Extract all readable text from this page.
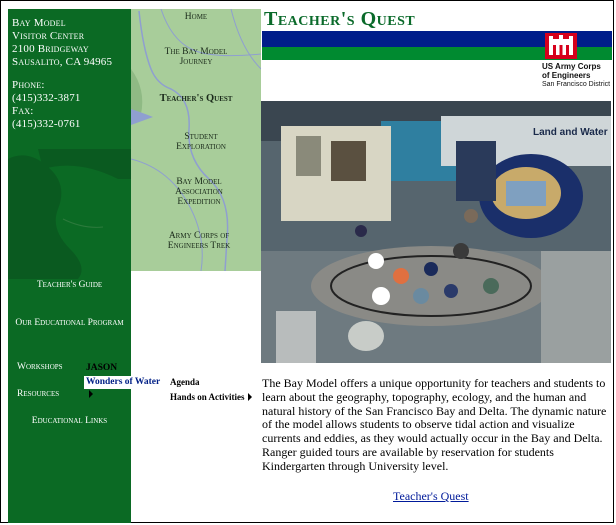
Bay Model
Visitor Center
2100 Bridgeway
Sausalito, CA 94965
Phone:
(415)332-3871
Fax:
(415)332-0761
Teacher's Guide
Our Educational Program
Workshops
Resources
Educational Links
Home
The Bay Model Journey
Teacher's Quest
Student Exploration
Bay Model Association Expedition
Army Corps of Engineers Trek
JASON
Wonders of Water	Agenda
Hands on Activities
Teacher's Quest
US Army Corps
of Engineers
San Francisco District
Land and Water
The Bay Model offers a unique opportunity for teachers and students to learn about the geography, topography, ecology, and the human and natural history of the San Francisco Bay and Delta. The dynamic nature of the model allows students to observe tidal action and visualize currents and eddies, as they would actually occur in the Bay and Delta. Ranger guided tours are available by reservation for students Kindergarten through University level.
Teacher's Quest
